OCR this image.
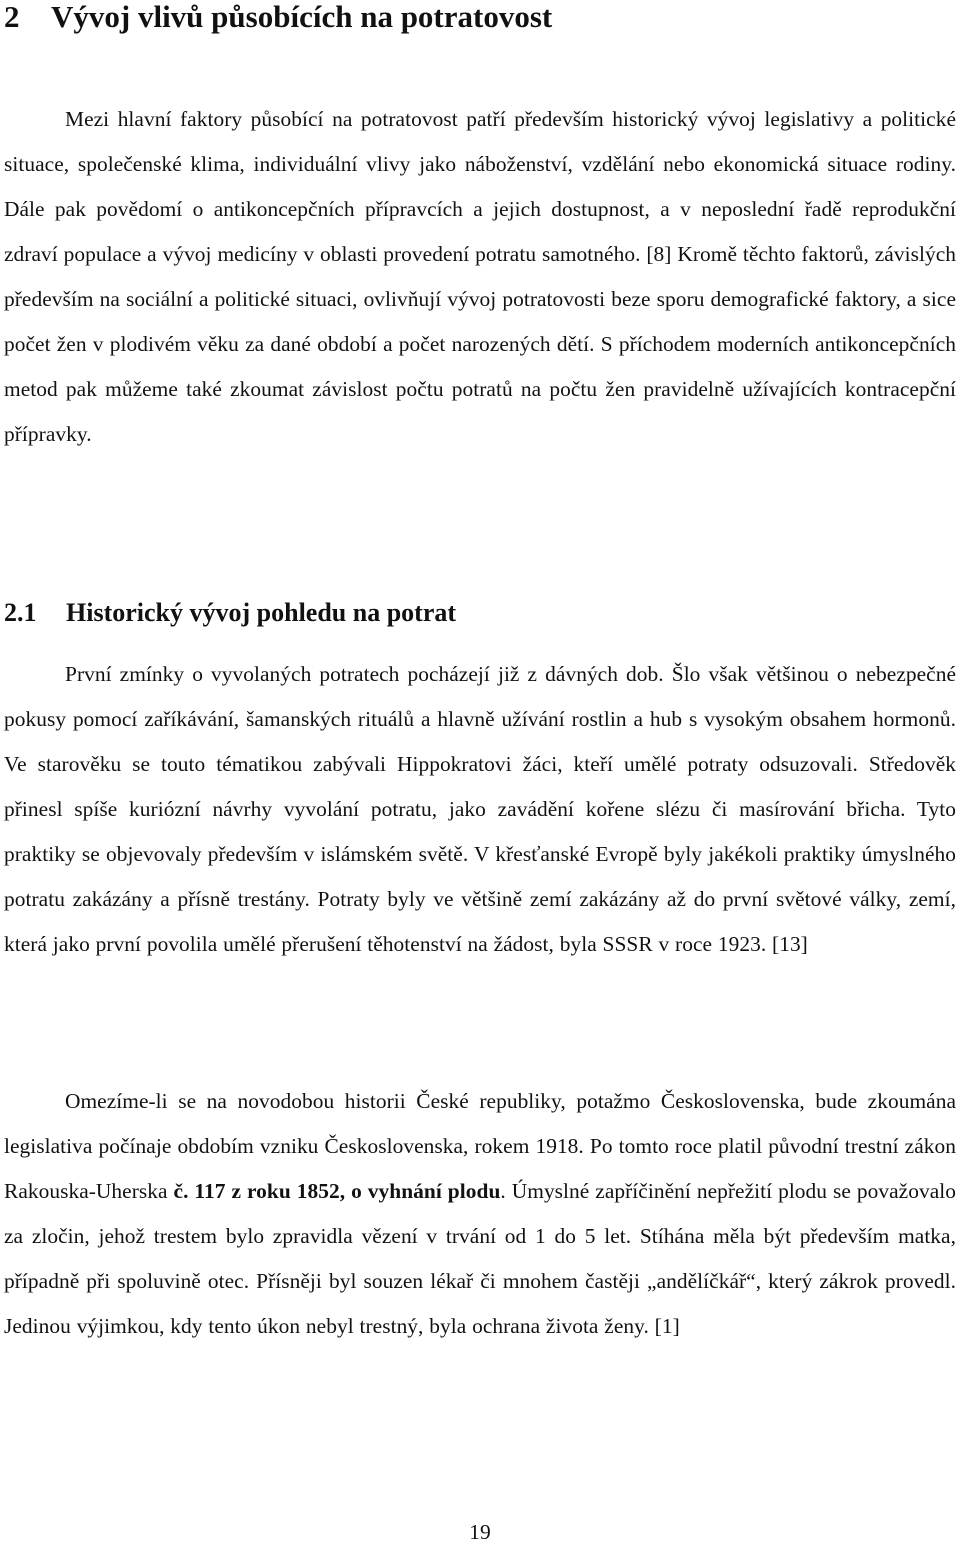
2 Vývoj vlivů působících na potratovost

Mezi hlavní faktory působící na potratovost patří především historický vývoj legislativy a politické situace, společenské klima, individuální vlivy jako náboženství, vzdělání nebo ekonomická situace rodiny. Dále pak povědomí o antikoncepčních přípravcích a jejich dostupnost, a v neposlední řadě reprodukční zdraví populace a vývoj medicíny v oblasti provedení potratu samotného. [8] Kromě těchto faktorů, závislých především na sociální a politické situaci, ovlivňují vývoj potratovosti beze sporu demografické faktory, a sice počet žen v plodivém věku za dané období a počet narozených dětí. S příchodem moderních antikoncepčních metod pak můžeme také zkoumat závislost počtu potratů na počtu žen pravidelně užívajících kontracepční přípravky.

2.1 Historický vývoj pohledu na potrat

První zmínky o vyvolaných potratech pocházejí již z dávných dob. Šlo však většinou o nebezpečné pokusy pomocí zaříkávání, šamanských rituálů a hlavně užívání rostlin a hub s vysokým obsahem hormonů. Ve starověku se touto tématikou zabývali Hippokratovi žáci, kteří umělé potraty odsuzovali. Středověk přinesl spíše kuriózní návrhy vyvolání potratu, jako zavádění kořene slézu či masírování břicha. Tyto praktiky se objevovaly především v islámském světě. V křesťanské Evropě byly jakékoli praktiky úmyslného potratu zakázány a přísně trestány. Potraty byly ve většině zemí zakázány až do první světové války, zemí, která jako první povolila umělé přerušení těhotenství na žádost, byla SSSR v roce 1923. [13]

Omezíme-li se na novodobou historii České republiky, potažmo Československa, bude zkoumána legislativa počínaje obdobím vzniku Československa, rokem 1918. Po tomto roce platil původní trestní zákon Rakouska-Uherska č. 117 z roku 1852, o vyhnání plodu. Úmyslné zapříčinění nepřežití plodu se považovalo za zločin, jehož trestem bylo zpravidla vězení v trvání od 1 do 5 let. Stíhána měla být především matka, případně při spoluvině otec. Přísněji byl souzen lékař či mnohem častěji „andělíčkář“, který zákrok provedl. Jedinou výjimkou, kdy tento úkon nebyl trestný, byla ochrana života ženy. [1]

19
